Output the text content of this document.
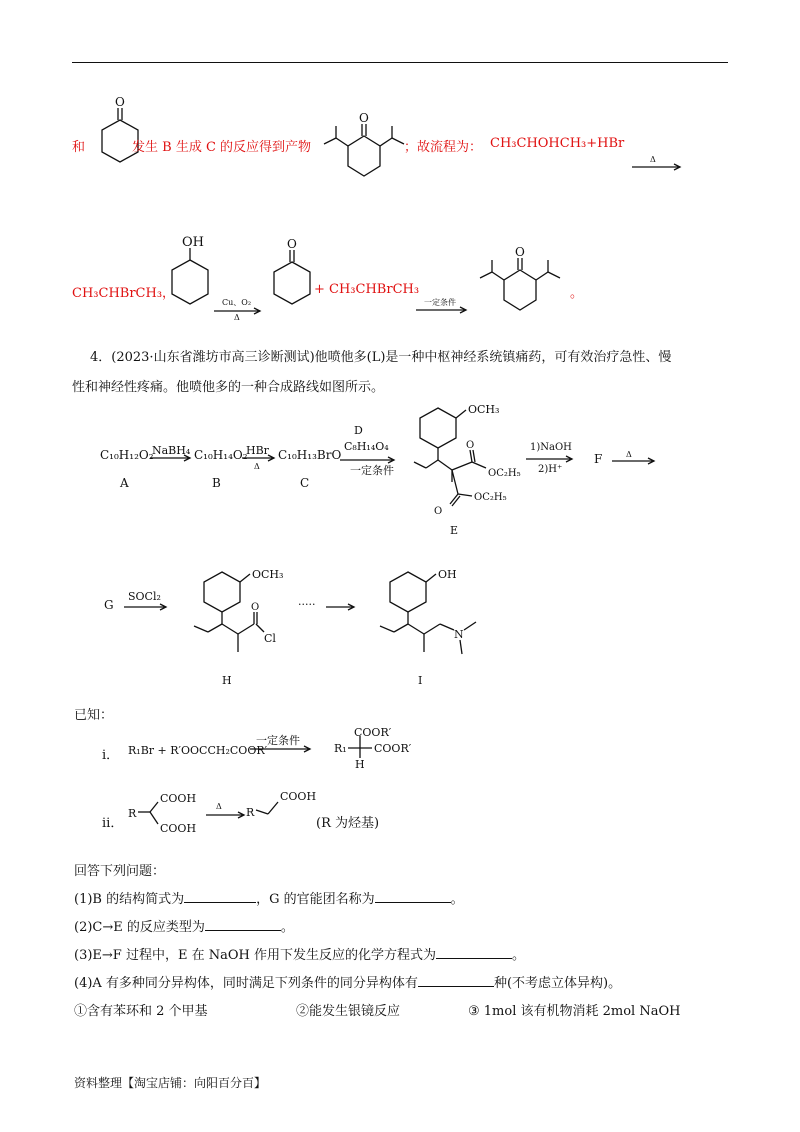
和
O
发生 B 生成 C 的反应得到产物
O
；故流程为： CH₃CHOHCH₃+HBr
Δ
CH₃CHBrCH₃，
OH
Cu、O₂
Δ
O
+ CH₃CHBrCH₃
一定条件
O
。
4．(2023·山东省潍坊市高三诊断测试)他喷他多(L)是一种中枢神经系统镇痛药，可有效治疗急性、慢
性和神经性疼痛。他喷他多的一种合成路线如图所示。
C₁₀H₁₂O₂
A
NaBH₄ C₁₀H₁₄O₂
B
HBr
Δ
C₁₀H₁₃BrO
C
D
C₈H₁₄O₄
一定条件
OCH₃
O
OC₂H₅
O
OC₂H₅
E
1)NaOH
2)H⁺
F	Δ
G
SOCl₂
OCH₃
O
Cl
H
·····
OH
N
I
已知：
ⅰ． R₁Br + R′OOCCH₂COOR′
一定条件
COOR′
R₁ COOR′
H
ⅱ．
R
COOH
COOH
Δ R
COOH
(R 为烃基)
回答下列问题：
(1)B 的结构简式为	，G 的官能团名称为	。
(2)C→E 的反应类型为	。
(3)E→F 过程中，E 在 NaOH 作用下发生反应的化学方程式为	。
(4)A 有多种同分异构体，同时满足下列条件的同分异构体有	种(不考虑立体异构)。
①含有苯环和 2 个甲基	②能发生银镜反应	③ 1mol 该有机物消耗 2mol NaOH
资料整理【淘宝店铺：向阳百分百】
